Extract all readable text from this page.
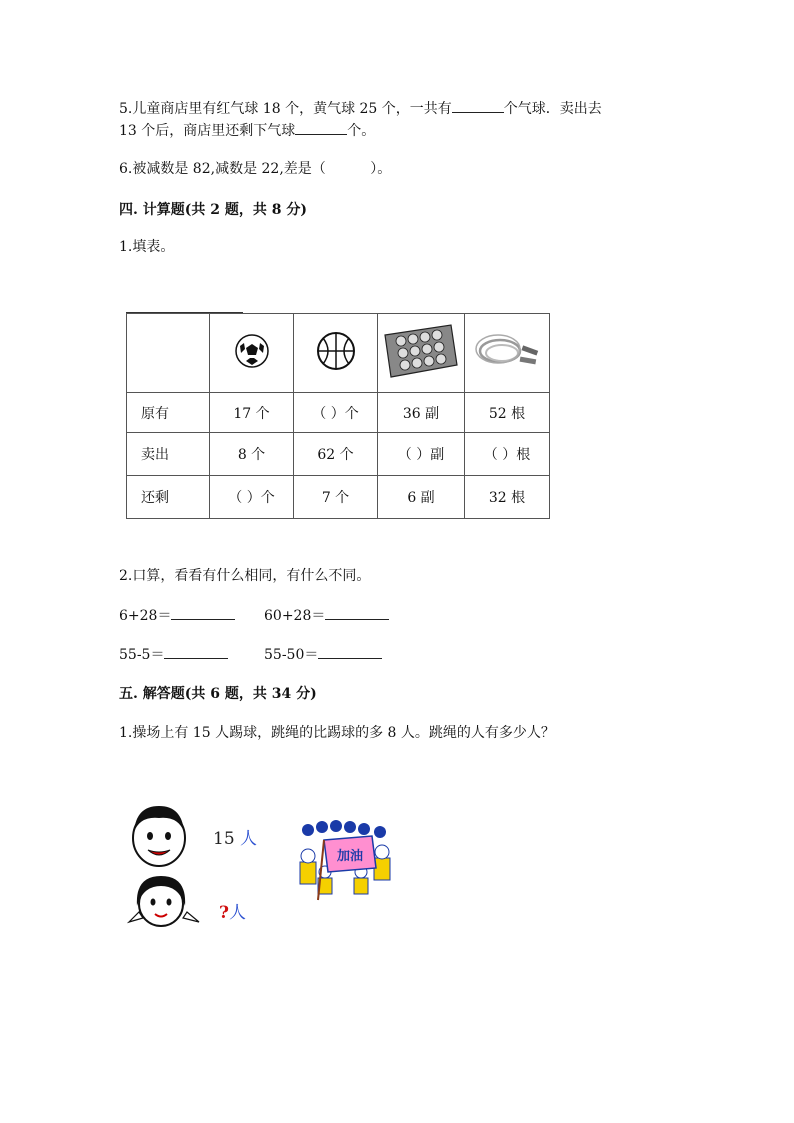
5.儿童商店里有红气球 18 个，黄气球 25 个，一共有	个气球．卖出去
13 个后，商店里还剩下气球	个。
6.被减数是 82,减数是 22,差是（          ）。
四. 计算题(共 2 题，共 8 分)
1.填表。

原有	17 个	（ ）个	36 副	52 根
卖出	8 个	62 个	（ ）副	（ ）根
还剩	（ ）个	7 个	6 副	32 根
2.口算，看看有什么相同，有什么不同。
6+28＝	60+28＝
55-5＝	55-50＝
五. 解答题(共 6 题，共 34 分)
1.操场上有 15 人踢球，跳绳的比踢球的多 8 人。跳绳的人有多少人？
15 人
?人
加油
